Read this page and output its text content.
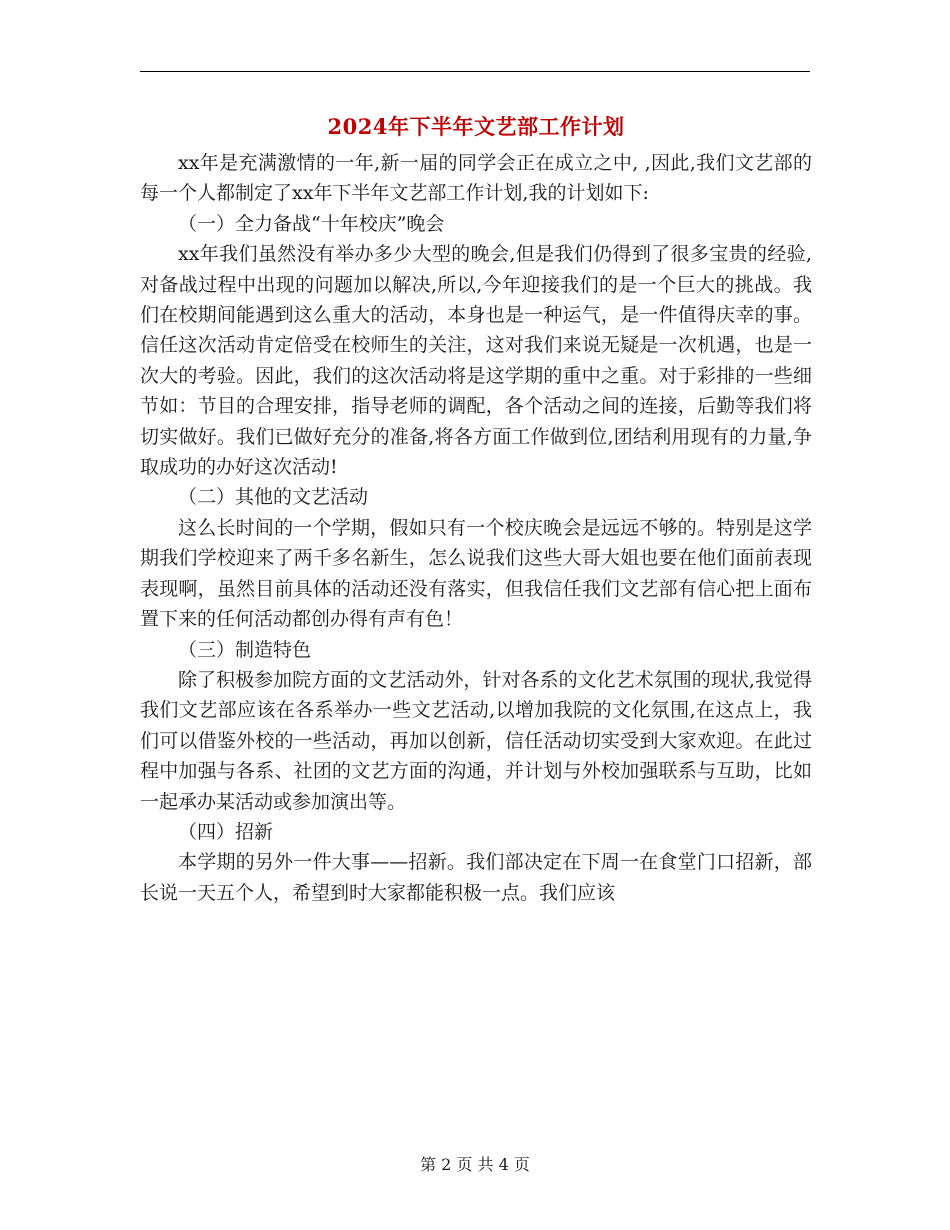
2024年下半年文艺部工作计划

xx年是充满激情的一年,新一届的同学会正在成立之中, ,因此,我们文艺部的每一个人都制定了xx年下半年文艺部工作计划,我的计划如下:

（一）全力备战“十年校庆”晚会

xx年我们虽然没有举办多少大型的晚会,但是我们仍得到了很多宝贵的经验,对备战过程中出现的问题加以解决,所以,今年迎接我们的是一个巨大的挑战。我们在校期间能遇到这么重大的活动，本身也是一种运气，是一件值得庆幸的事。信任这次活动肯定倍受在校师生的关注，这对我们来说无疑是一次机遇，也是一次大的考验。因此，我们的这次活动将是这学期的重中之重。对于彩排的一些细节如：节目的合理安排，指导老师的调配，各个活动之间的连接，后勤等我们将切实做好。我们已做好充分的准备,将各方面工作做到位,团结利用现有的力量,争取成功的办好这次活动!

（二）其他的文艺活动

这么长时间的一个学期，假如只有一个校庆晚会是远远不够的。特别是这学期我们学校迎来了两千多名新生，怎么说我们这些大哥大姐也要在他们面前表现表现啊，虽然目前具体的活动还没有落实，但我信任我们文艺部有信心把上面布置下来的任何活动都创办得有声有色！

（三）制造特色

除了积极参加院方面的文艺活动外，针对各系的文化艺术氛围的现状,我觉得我们文艺部应该在各系举办一些文艺活动,以增加我院的文化氛围,在这点上，我们可以借鉴外校的一些活动，再加以创新，信任活动切实受到大家欢迎。在此过程中加强与各系、社团的文艺方面的沟通，并计划与外校加强联系与互助，比如一起承办某活动或参加演出等。

（四）招新

本学期的另外一件大事——招新。我们部决定在下周一在食堂门口招新，部长说一天五个人，希望到时大家都能积极一点。我们应该

第 2 页 共 4 页
